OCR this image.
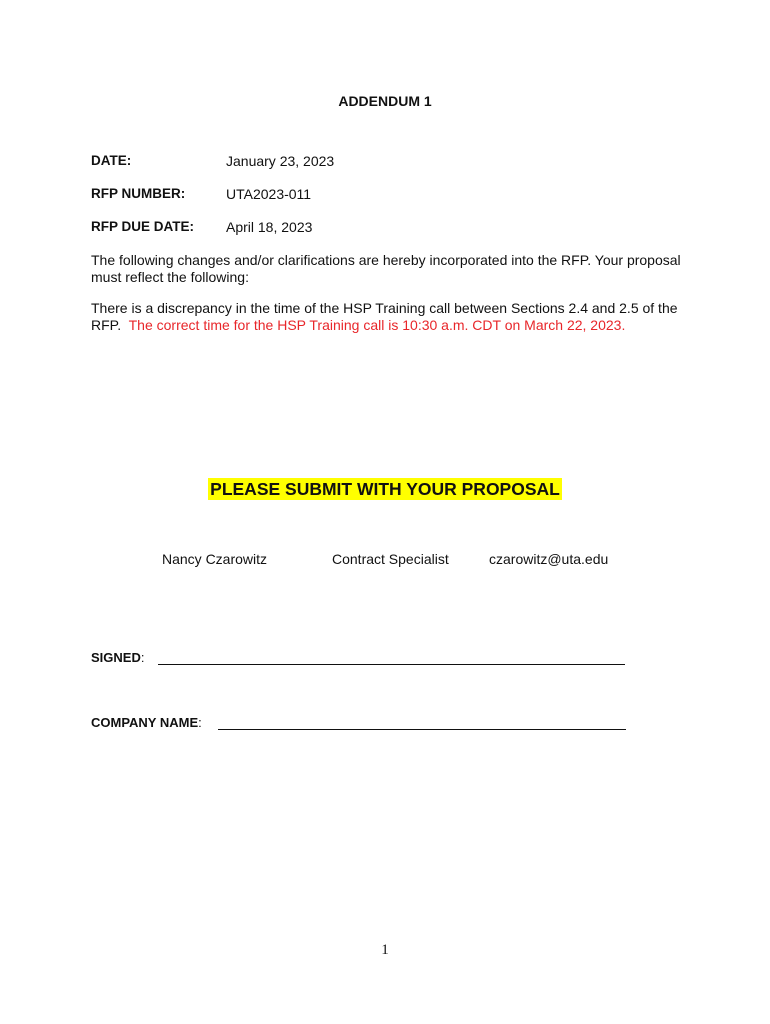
ADDENDUM 1
DATE:	January 23, 2023
RFP NUMBER:	UTA2023-011
RFP DUE DATE: April 18, 2023
The following changes and/or clarifications are hereby incorporated into the RFP. Your proposal must reflect the following:
There is a discrepancy in the time of the HSP Training call between Sections 2.4 and 2.5 of the RFP. The correct time for the HSP Training call is 10:30 a.m. CDT on March 22, 2023.
PLEASE SUBMIT WITH YOUR PROPOSAL
Nancy Czarowitz	Contract Specialist	czarowitz@uta.edu
SIGNED:
COMPANY NAME:
1
